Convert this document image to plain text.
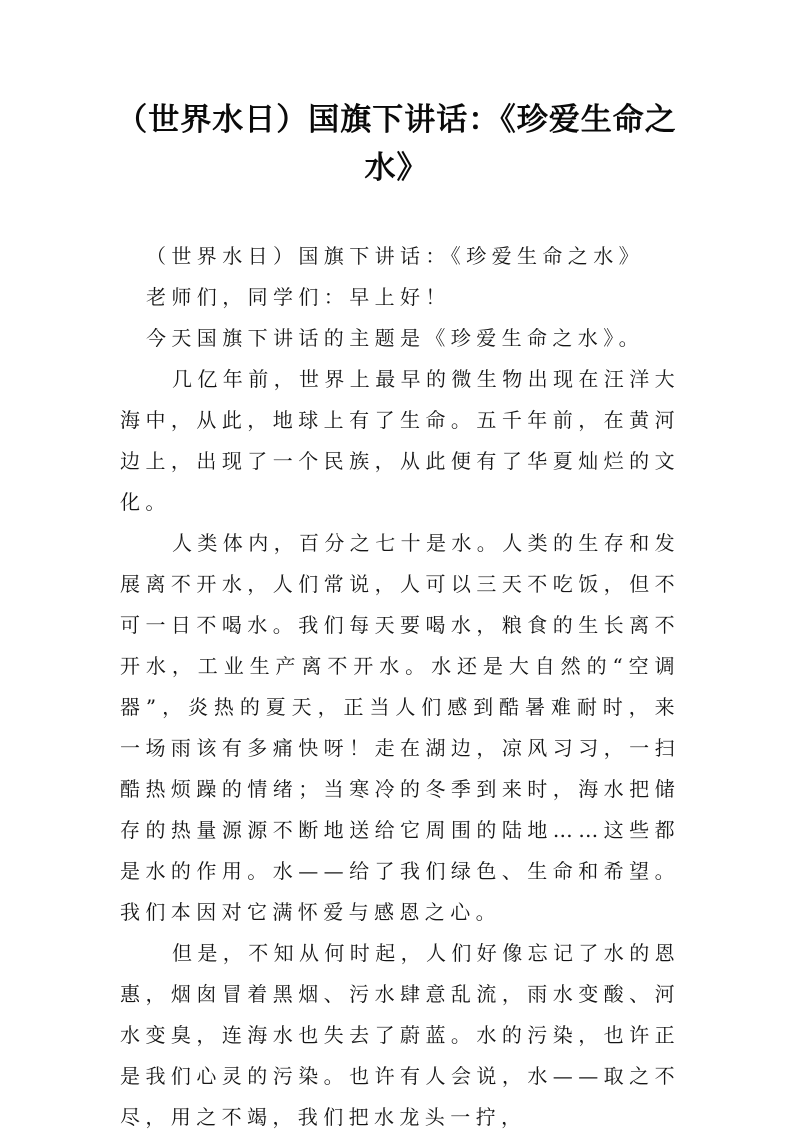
（世界水日）国旗下讲话：《珍爱生命之水》

（世界水日）国旗下讲话：《珍爱生命之水》

老师们，同学们：早上好！

今天国旗下讲话的主题是《珍爱生命之水》。

几亿年前，世界上最早的微生物出现在汪洋大海中，从此，地球上有了生命。五千年前，在黄河边上，出现了一个民族，从此便有了华夏灿烂的文化。

人类体内，百分之七十是水。人类的生存和发展离不开水，人们常说，人可以三天不吃饭，但不可一日不喝水。我们每天要喝水，粮食的生长离不开水，工业生产离不开水。水还是大自然的“空调器”，炎热的夏天，正当人们感到酷暑难耐时，来一场雨该有多痛快呀！走在湖边，凉风习习，一扫酷热烦躁的情绪；当寒冷的冬季到来时，海水把储存的热量源源不断地送给它周围的陆地……这些都是水的作用。水——给了我们绿色、生命和希望。我们本因对它满怀爱与感恩之心。

但是，不知从何时起，人们好像忘记了水的恩惠，烟囱冒着黑烟、污水肆意乱流，雨水变酸、河水变臭，连海水也失去了蔚蓝。水的污染，也许正是我们心灵的污染。也许有人会说，水——取之不尽，用之不竭，我们把水龙头一拧，
